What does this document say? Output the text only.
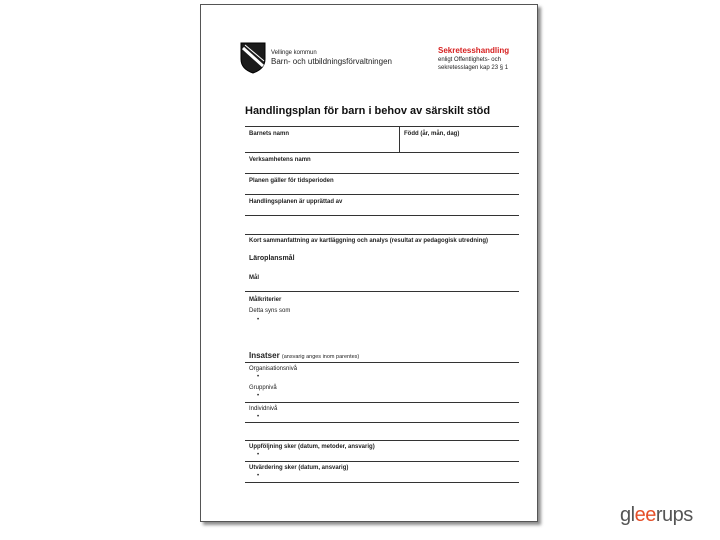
Vellinge kommun
Barn- och utbildningsförvaltningen
Sekretesshandling
enligt Offentlighets- och
sekretesslagen kap 23 § 1
Handlingsplan för barn i behov av särskilt stöd
Barnets namn	Född (år, mån, dag)
Verksamhetens namn
Planen gäller för tidsperioden
Handlingsplanen är upprättad av
Kort sammanfattning av kartläggning och analys (resultat av pedagogisk utredning)
Läroplansmål
Mål
Målkriterier
Detta syns som
•
Insatser (ansvarig anges inom parentes)
Organisationsnivå
•
Gruppnivå
•
Individnivå
•
Uppföljning sker (datum, metoder, ansvarig)
•
Utvärdering sker (datum, ansvarig)
•
gleerups
